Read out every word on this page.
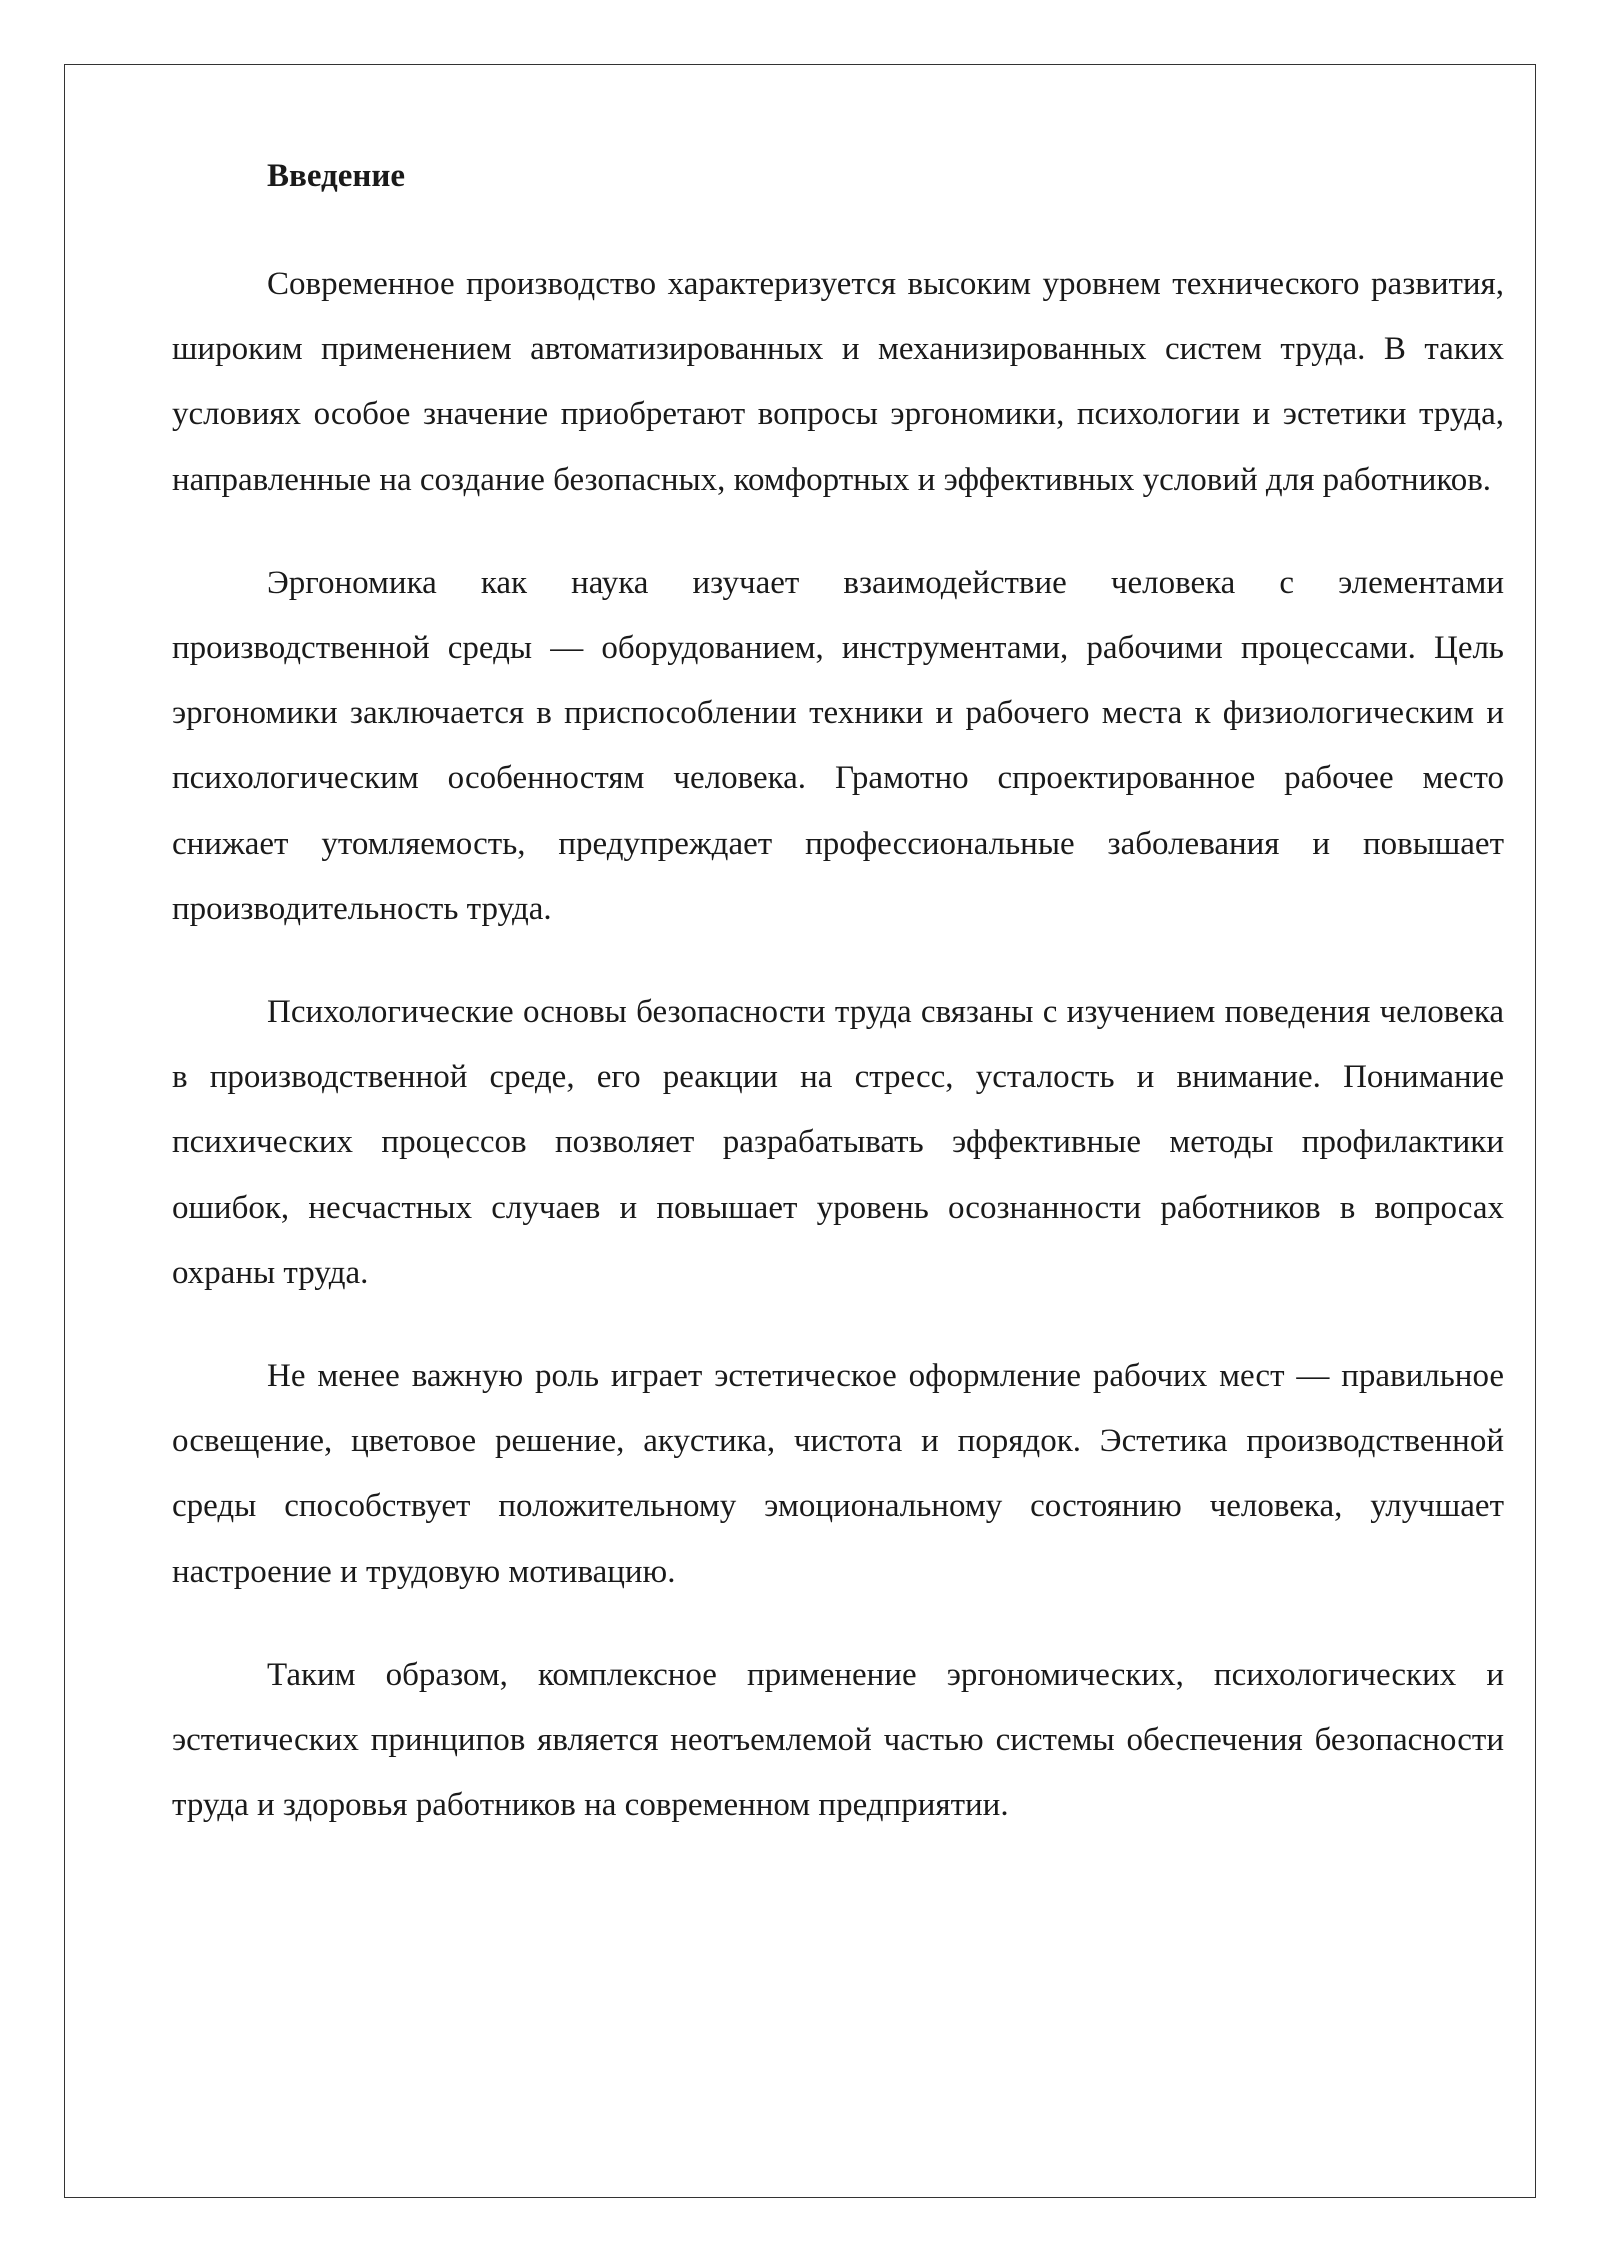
Введение

Современное производство характеризуется высоким уровнем технического развития, широким применением автоматизированных и механизированных систем труда. В таких условиях особое значение приобретают вопросы эргономики, психологии и эстетики труда, направленные на создание безопасных, комфортных и эффективных условий для работников.

Эргономика как наука изучает взаимодействие человека с элементами производственной среды — оборудованием, инструментами, рабочими процессами. Цель эргономики заключается в приспособлении техники и рабочего места к физиологическим и психологическим особенностям человека. Грамотно спроектированное рабочее место снижает утомляемость, предупреждает профессиональные заболевания и повышает производительность труда.

Психологические основы безопасности труда связаны с изучением поведения человека в производственной среде, его реакции на стресс, усталость и внимание. Понимание психических процессов позволяет разрабатывать эффективные методы профилактики ошибок, несчастных случаев и повышает уровень осознанности работников в вопросах охраны труда.

Не менее важную роль играет эстетическое оформление рабочих мест — правильное освещение, цветовое решение, акустика, чистота и порядок. Эстетика производственной среды способствует положительному эмоциональному состоянию человека, улучшает настроение и трудовую мотивацию.

Таким образом, комплексное применение эргономических, психологических и эстетических принципов является неотъемлемой частью системы обеспечения безопасности труда и здоровья работников на современном предприятии.
